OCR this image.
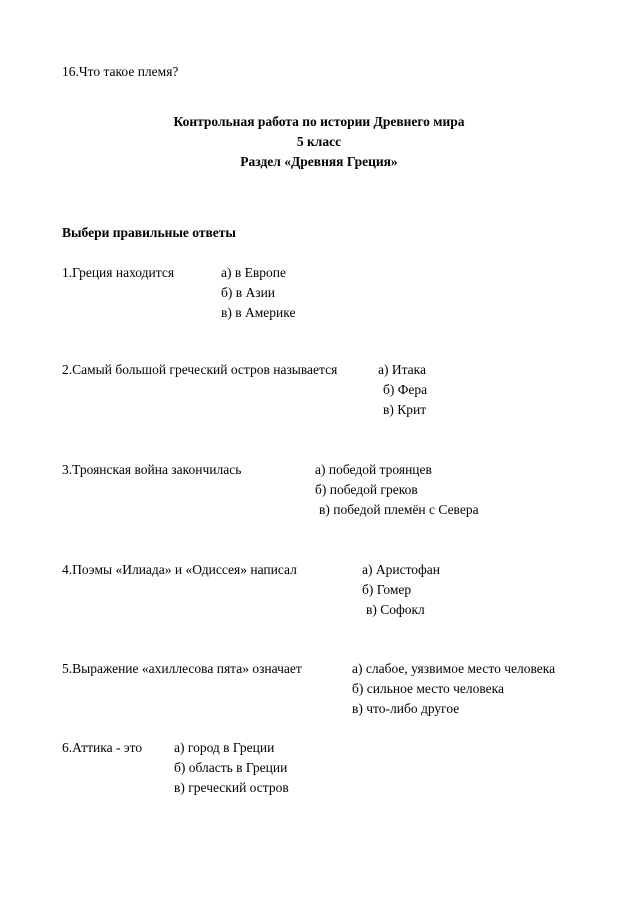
16.Что такое племя?
Контрольная работа по истории Древнего мира
5 класс
Раздел «Древняя Греция»
Выбери правильные ответы
1.Греция находится	а) в Европе
б) в Азии
в) в Америке
2.Самый большой греческий остров называется	а) Итака
б) Фера
в) Крит
3.Троянская война закончилась	а) победой троянцев
б) победой греков
в) победой племён с Севера
4.Поэмы «Илиада» и «Одиссея» написал	а) Аристофан
б) Гомер
в) Софокл
5.Выражение «ахиллесова пята» означает	а) слабое, уязвимое место человека
б) сильное место человека
в) что-либо другое
6.Аттика - это а) город в Греции
б) область в Греции
в) греческий остров
